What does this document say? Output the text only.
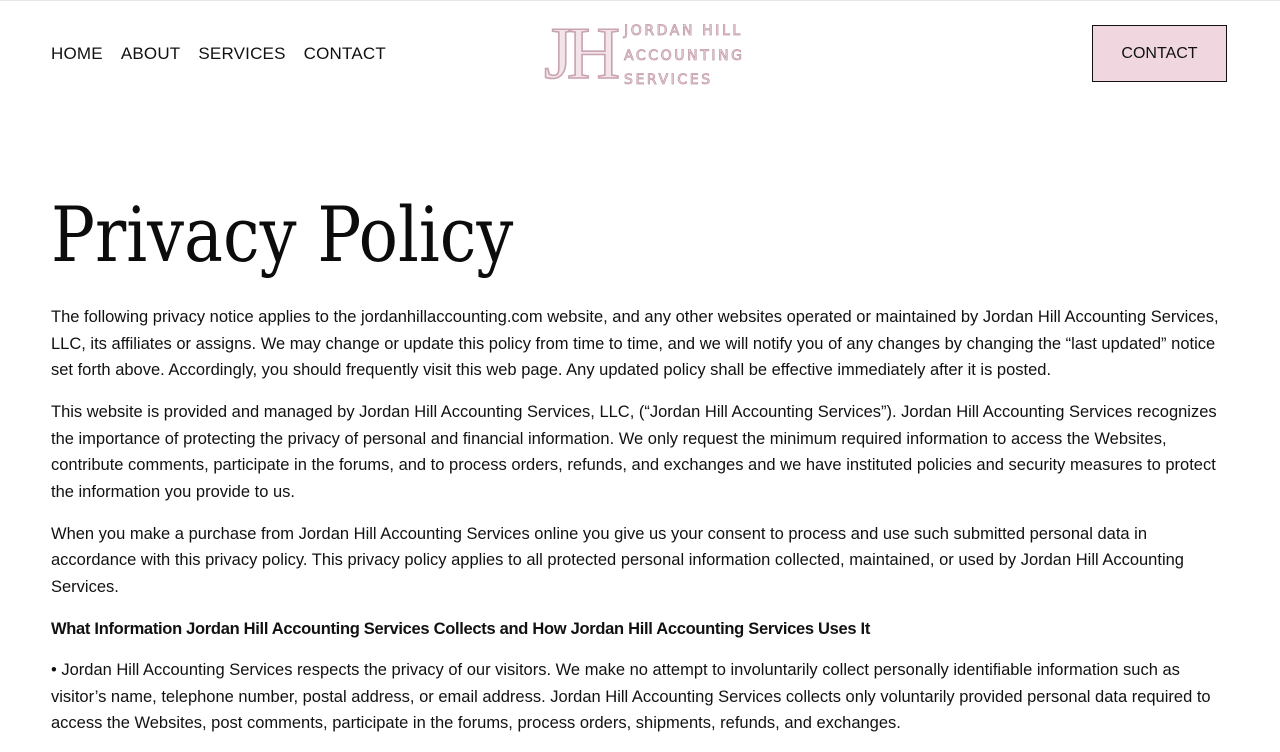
HOME ABOUT SERVICES CONTACT JH JORDAN HILL
ACCOUNTING
SERVICES
CONTACT
Privacy Policy

The following privacy notice applies to the jordanhillaccounting.com website, and any other websites operated or maintained by Jordan Hill Accounting Services, LLC, its affiliates or assigns. We may change or update this policy from time to time, and we will notify you of any changes by changing the “last updated” notice set forth above. Accordingly, you should frequently visit this web page. Any updated policy shall be effective immediately after it is posted.

This website is provided and managed by Jordan Hill Accounting Services, LLC, (“Jordan Hill Accounting Services”). Jordan Hill Accounting Services recognizes the importance of protecting the privacy of personal and financial information. We only request the minimum required information to access the Websites, contribute comments, participate in the forums, and to process orders, refunds, and exchanges and we have instituted policies and security measures to protect the information you provide to us.

When you make a purchase from Jordan Hill Accounting Services online you give us your consent to process and use such submitted personal data in accordance with this privacy policy. This privacy policy applies to all protected personal information collected, maintained, or used by Jordan Hill Accounting Services.

What Information Jordan Hill Accounting Services Collects and How Jordan Hill Accounting Services Uses It

• Jordan Hill Accounting Services respects the privacy of our visitors. We make no attempt to involuntarily collect personally identifiable information such as visitor’s name, telephone number, postal address, or email address. Jordan Hill Accounting Services collects only voluntarily provided personal data required to access the Websites, post comments, participate in the forums, process orders, shipments, refunds, and exchanges.
